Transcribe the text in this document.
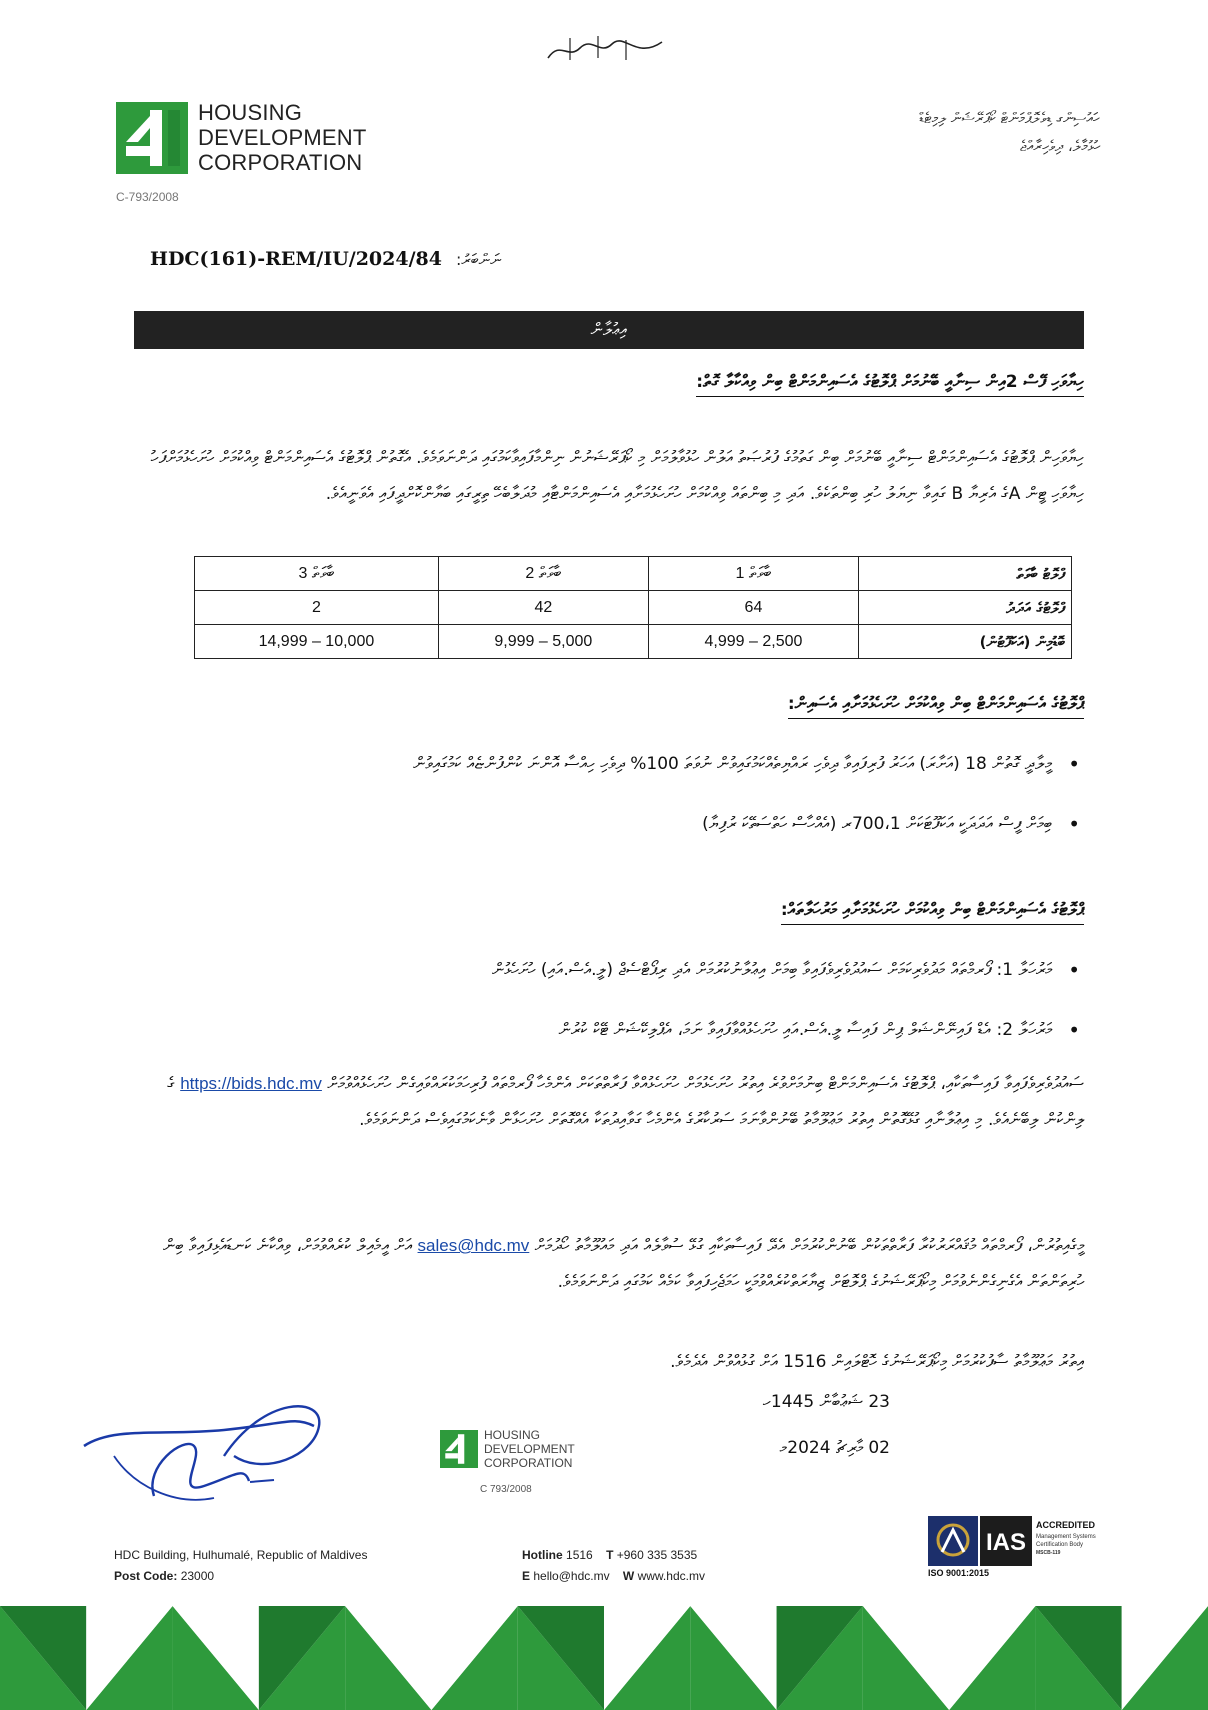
HOUSING
DEVELOPMENT
CORPORATION
C-793/2008
ހައުސިންގ ޑިވެލޮޕްމަންޓް ކޯޕަރޭޝަން ލިމިޓެޑް
ހުޅުމާލެ، ދިވެހިރާއްޖެ
HDC(161)-REM/IU/2024/84 ނަންބަރު:
އިޢުލާން
ހިޔާވަހި ފޭސް 2އިން ސިނާއީ ބޭނުމަށް ޕްލޮޓުގެ އެސައިންމަންޓް ބިން ވިއްކާލާ ގޮތް:
ހިޔާވަހިން ޕްލޮޓުގެ އެސައިންމަންޓް ސިނާއީ ބޭނުމަށް ބިން ގަތުމުގެ ފުރުޞަތު އަލުން ހުޅުވާލުމަށް މި ކޯޕަރޭޝަނުން ނިންމާފައިވާކަމުގައި ދަންނަވަމެވެ. އެގޮތުން ޕްލޮޓުގެ އެސައިންމަންޓް ވިއްކުމަށް ހުށަހެޅުމަށްފަހު ހިޔާވަހި ޓީން Aގެ އެރިޔާ B ގައިވާ ނިޔަލު ހުރި ބިންތަކެވެ. އަދި މި ބިންތައް ވިއްކުމަށް ހުށަހެޅުމަށާއި އެސައިންމަންޓާއި މުދަލާބެހޭ ތިރީގައި ބަޔާންކޮށްދީފައި އެވަނީއެވެ.
ފްލޮޓު ބާވަތް	ބާވަތް 1	ބާވަތް 2	ބާވަތް 3
ފްލޮޓުގެ އަދަދު	64	42	2
ބޮޑުމިން (އަކަފޫޓުން)	2,500 – 4,999	5,000 – 9,999	10,000 – 14,999
ޕްލޮޓުގެ އެސައިންމަންޓް ބިން ވިއްކުމަށް ހުށަހެޅުމަށާއި އެސައިން:
• މީލާދީ ގޮތުން 18 (އަށާރަ) އަހަރު ފުރިފައިވާ ދިވެހި ރައްޔިތެއްކަމުގައިވުން ނުވަތަ 100% ދިވެހި ހިއްސާ އޮންނަ ކުންފުންޏެއް ކަމުގައިވުން
• ބިމަށް ފީސް އަދަދަކީ އަކަފޫޓަކަށް 700،1ރ (އެއްހާސް ހަތްސަތޭކަ ރުފިޔާ)
ޕްލޮޓުގެ އެސައިންމަންޓް ބިން ވިއްކުމަށް ހުށަހެޅުމަށާއި މަރުހަލާތައް:
• މަރުހަލާ 1: ފޯރމްތައް މަދުވެރިކަމަށް ސައުދުވެރިވެފައިވާ ބިމަށް އިޢުލާނުކުރުމަށް އެދި ރިޕޯޓްސެޖް (ލީ.އެސް.އައި) ހުށަހެޅުން
• މަރުހަލާ 2: އެޑް ފައިނޭންޝަލް ޕިން ފައިސާ ލީ.އެސް.އައި ހުށަހެޅުއްވާފައިވާ ނަމަ، އެޕްލިކޭޝަން ޓޭކް ކުރުން
ސައުދުވެރިވެފައިވާ ފައިސާތަކާއި، ޕްލޮޓުގެ އެސައިންމަންޓް ބިނުމަށްވުރެ އިތުރު ހުށަހެޅުމަށް ހުށަހެޅުއްވާ ފަރާތްތަކަށް އެންމެހާ ފޯރމްތައް ފުރިހަމަކުރައްވައިގެން ހުށަހެޅުއްވުމަށް https://bids.hdc.mv ގެ ލިންކުން ލިބޭނެއެވެ. މި އިޢުލާނާއި ގުޅޭގޮތުން އިތުރު މަޢުލޫމާތު ބޭނުންވާނަމަ ސަރުކާރުގެ އެންމެހާ ގަވާއިދުތަކާ އެއްގޮތަށް ހުށަހަޅާން ވާނެކަމުގައިވެސް ދަންނަވަމެވެ.
މީގެއިތުރުން، ފޯރމްތައް މުޤައްރަރުކުރާ ފަރާތްތަކުން ބޭނުންކުރުމަށް އެދޭ ފައިސާތަކާއި ގުޅޭ ސުވާލެއް އަދި މައުލޫމާތު ހޯދުމަށް sales@hdc.mv އަށް އީމެއިލް ކުރެއްވުމަށް، ވިއްކާނެ ކަނޑައެޅިފައިވާ ބިން ހުރިތަންތަން އެގެނިގެންނެވުމަށް މިކޯޕަރޭޝަނުގެ ޕްލޮޓަށް ޒިޔާރަތްކުރެއްވުމަކީ ހަމަޖެހިފައިވާ ކަމެއް ކަމުގައި ދަންނަވަމެވެ.
އިތުރު މަޢުލޫމާތު ސާފުކުރުމަށް މިކޯޕަރޭޝަނުގެ ހޮޓްލައިން 1516 އަށް ގުޅުއްވުން އެދެމެވެ.
23 ޝަޢުބާން 1445ހ
02 މާރިޗު 2024މ
HOUSING
DEVELOPMENT
CORPORATION
C 793/2008
HDC Building, Hulhumalé, Republic of Maldives
Post Code: 23000
Hotline 1516 T +960 335 3535
E hello@hdc.mv W www.hdc.mv
IAS
ACCREDITED
Management Systems
Certification Body
MSCB-119
ISO 9001:2015
